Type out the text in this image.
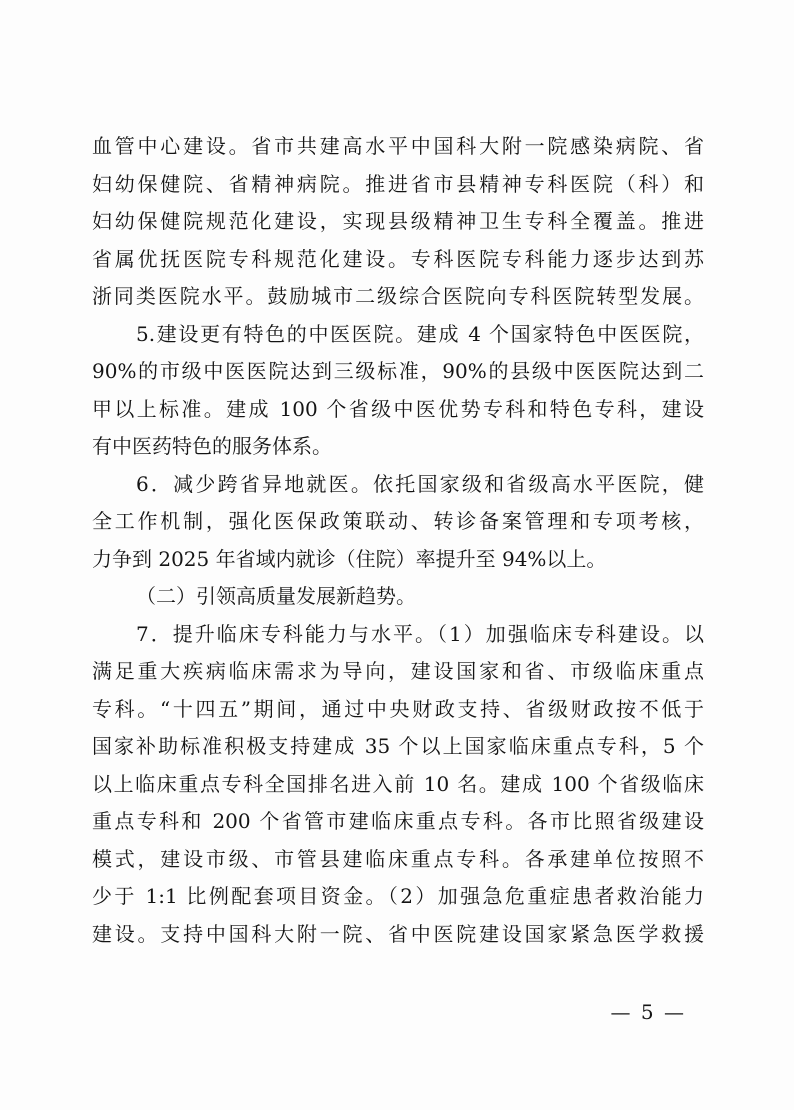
血管中心建设。省市共建高水平中国科大附一院感染病院、省
妇幼保健院、省精神病院。推进省市县精神专科医院（科）和
妇幼保健院规范化建设，实现县级精神卫生专科全覆盖。推进
省属优抚医院专科规范化建设。专科医院专科能力逐步达到苏
浙同类医院水平。鼓励城市二级综合医院向专科医院转型发展。
5.建设更有特色的中医医院。建成 4 个国家特色中医医院，
90%的市级中医医院达到三级标准，90%的县级中医医院达到二
甲以上标准。建成 100 个省级中医优势专科和特色专科，建设
有中医药特色的服务体系。
6．减少跨省异地就医。依托国家级和省级高水平医院，健
全工作机制，强化医保政策联动、转诊备案管理和专项考核，
力争到 2025 年省域内就诊（住院）率提升至 94%以上。
（二）引领高质量发展新趋势。
7．提升临床专科能力与水平。（1）加强临床专科建设。以
满足重大疾病临床需求为导向，建设国家和省、市级临床重点
专科。“十四五”期间，通过中央财政支持、省级财政按不低于
国家补助标准积极支持建成 35 个以上国家临床重点专科，5 个
以上临床重点专科全国排名进入前 10 名。建成 100 个省级临床
重点专科和 200 个省管市建临床重点专科。各市比照省级建设
模式，建设市级、市管县建临床重点专科。各承建单位按照不
少于 1:1 比例配套项目资金。（2）加强急危重症患者救治能力
建设。支持中国科大附一院、省中医院建设国家紧急医学救援
— 5 —
